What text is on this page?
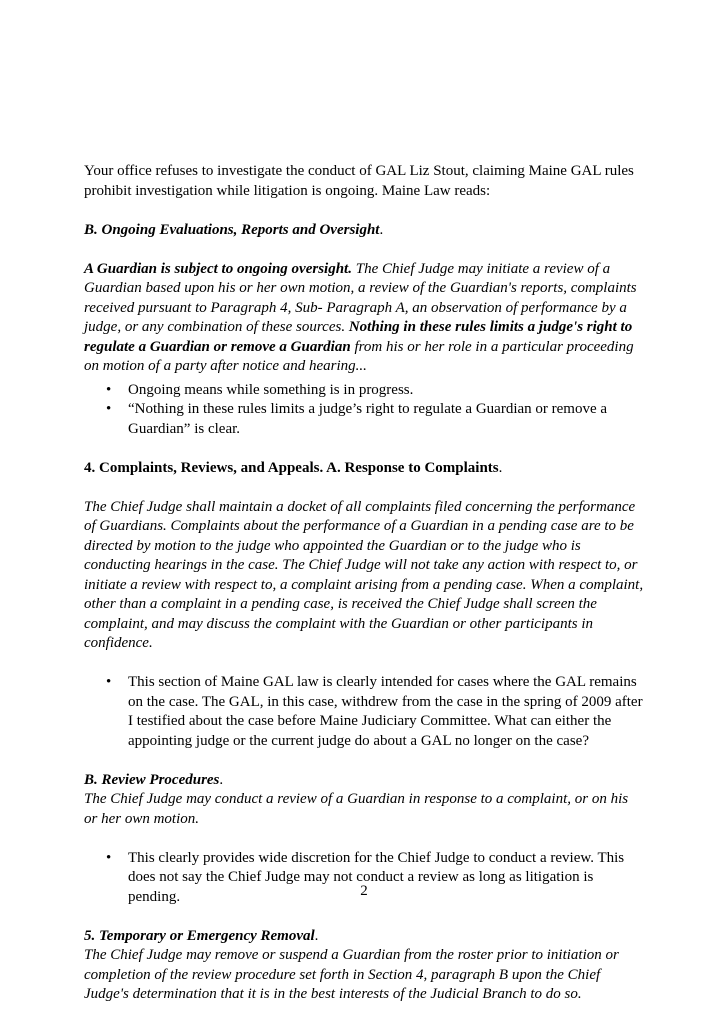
Your office refuses to investigate the conduct of GAL Liz Stout, claiming Maine GAL rules prohibit investigation while litigation is ongoing. Maine Law reads:

B. Ongoing Evaluations, Reports and Oversight.

A Guardian is subject to ongoing oversight. The Chief Judge may initiate a review of a Guardian based upon his or her own motion, a review of the Guardian's reports, complaints received pursuant to Paragraph 4, Sub- Paragraph A, an observation of performance by a judge, or any combination of these sources. Nothing in these rules limits a judge's right to regulate a Guardian or remove a Guardian from his or her role in a particular proceeding on motion of a party after notice and hearing...

• Ongoing means while something is in progress.
• “Nothing in these rules limits a judge’s right to regulate a Guardian or remove a Guardian” is clear.

4. Complaints, Reviews, and Appeals. A. Response to Complaints.

The Chief Judge shall maintain a docket of all complaints filed concerning the performance of Guardians. Complaints about the performance of a Guardian in a pending case are to be directed by motion to the judge who appointed the Guardian or to the judge who is conducting hearings in the case. The Chief Judge will not take any action with respect to, or initiate a review with respect to, a complaint arising from a pending case. When a complaint, other than a complaint in a pending case, is received the Chief Judge shall screen the complaint, and may discuss the complaint with the Guardian or other participants in confidence.

• This section of Maine GAL law is clearly intended for cases where the GAL remains on the case. The GAL, in this case, withdrew from the case in the spring of 2009 after I testified about the case before Maine Judiciary Committee. What can either the appointing judge or the current judge do about a GAL no longer on the case?

B. Review Procedures.

The Chief Judge may conduct a review of a Guardian in response to a complaint, or on his or her own motion.

• This clearly provides wide discretion for the Chief Judge to conduct a review. This does not say the Chief Judge may not conduct a review as long as litigation is pending.

5. Temporary or Emergency Removal.

The Chief Judge may remove or suspend a Guardian from the roster prior to initiation or completion of the review procedure set forth in Section 4, paragraph B upon the Chief Judge's determination that it is in the best interests of the Judicial Branch to do so.

2
